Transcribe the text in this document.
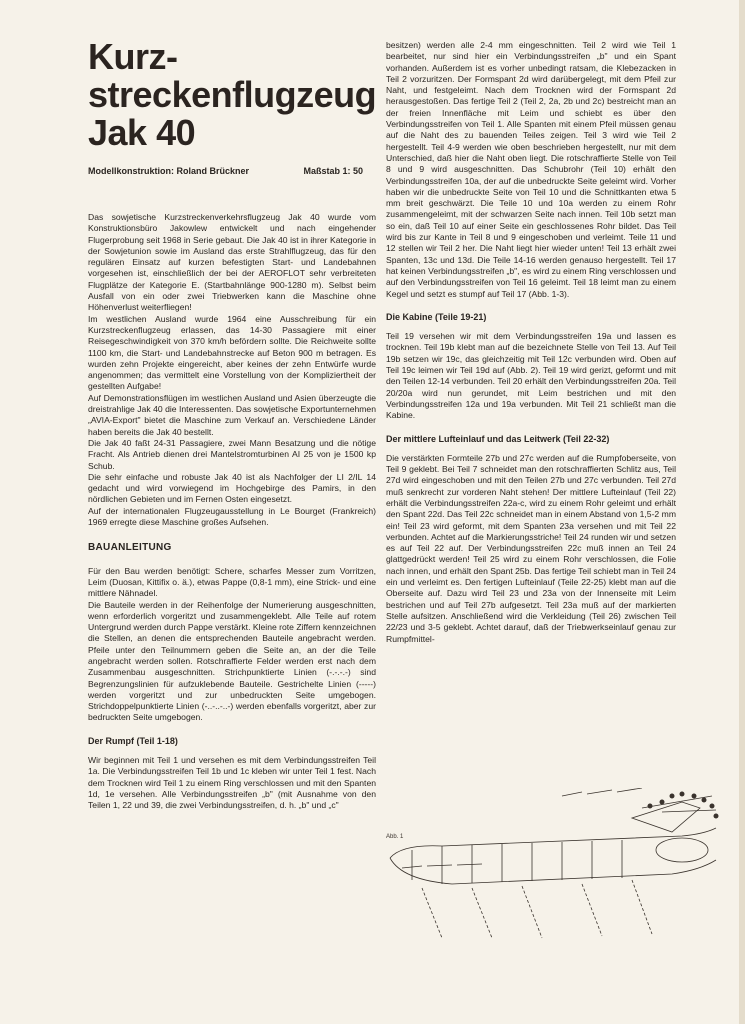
Kurz-
streckenflugzeug
Jak 40
Modellkonstruktion: Roland Brückner	Maßstab 1: 50

Das sowjetische Kurzstreckenverkehrsflugzeug Jak 40 wurde vom Konstruktionsbüro Jakowlew entwickelt und nach eingehender Flugerprobung seit 1968 in Serie gebaut. Die Jak 40 ist in ihrer Kategorie in der Sowjetunion sowie im Ausland das erste Strahlflugzeug, das für den regulären Einsatz auf kurzen befestigten Start- und Landebahnen vorgesehen ist, einschließlich der bei der AEROFLOT sehr verbreiteten Flugplätze der Kategorie E. (Startbahnlänge 900-1280 m). Selbst beim Ausfall von ein oder zwei Triebwerken kann die Maschine ohne Höhenverlust weiterfliegen!

Im westlichen Ausland wurde 1964 eine Ausschreibung für ein Kurzstreckenflugzeug erlassen, das 14-30 Passagiere mit einer Reisegeschwindigkeit von 370 km/h befördern sollte. Die Reichweite sollte 1100 km, die Start- und Landebahnstrecke auf Beton 900 m betragen. Es wurden zehn Projekte eingereicht, aber keines der zehn Entwürfe wurde angenommen; das vermittelt eine Vorstellung von der Kompliziertheit der gestellten Aufgabe!

Auf Demonstrationsflügen im westlichen Ausland und Asien überzeugte die dreistrahlige Jak 40 die Interessenten. Das sowjetische Exportunternehmen „AVIA-Export" bietet die Maschine zum Verkauf an. Verschiedene Länder haben bereits die Jak 40 bestellt.

Die Jak 40 faßt 24-31 Passagiere, zwei Mann Besatzung und die nötige Fracht. Als Antrieb dienen drei Mantelstromturbinen AI 25 von je 1500 kp Schub.

Die sehr einfache und robuste Jak 40 ist als Nachfolger der LI 2/IL 14 gedacht und wird vorwiegend im Hochgebirge des Pamirs, in den nördlichen Gebieten und im Fernen Osten eingesetzt.

Auf der internationalen Flugzeugausstellung in Le Bourget (Frankreich) 1969 erregte diese Maschine großes Aufsehen.

BAUANLEITUNG

Für den Bau werden benötigt: Schere, scharfes Messer zum Vorritzen, Leim (Duosan, Kittifix o. ä.), etwas Pappe (0,8-1 mm), eine Strick- und eine mittlere Nähnadel.

Die Bauteile werden in der Reihenfolge der Numerierung ausgeschnitten, wenn erforderlich vorgeritzt und zusammengeklebt. Alle Teile auf rotem Untergrund werden durch Pappe verstärkt. Kleine rote Ziffern kennzeichnen die Stellen, an denen die entsprechenden Bauteile angebracht werden. Pfeile unter den Teilnummern geben die Seite an, an der die Teile angebracht werden sollen. Rotschraffierte Felder werden erst nach dem Zusammenbau ausgeschnitten. Strichpunktierte Linien (-.-.-.-) sind Begrenzungslinien für aufzuklebende Bauteile. Gestrichelte Linien (-----) werden vorgeritzt und zur unbedruckten Seite umgebogen. Strichdoppelpunktierte Linien (-..-..-..-) werden ebenfalls vorgeritzt, aber zur bedruckten Seite umgebogen.

Der Rumpf (Teil 1-18)

Wir beginnen mit Teil 1 und versehen es mit dem Verbindungsstreifen Teil 1a. Die Verbindungsstreifen Teil 1b und 1c kleben wir unter Teil 1 fest. Nach dem Trocknen wird Teil 1 zu einem Ring verschlossen und mit den Spanten 1d, 1e versehen. Alle Verbindungsstreifen „b" (mit Ausnahme von den Teilen 1, 22 und 39, die zwei Verbindungsstreifen, d. h. „b" und „c"

besitzen) werden alle 2-4 mm eingeschnitten. Teil 2 wird wie Teil 1 bearbeitet, nur sind hier ein Verbindungsstreifen „b" und ein Spant vorhanden. Außerdem ist es vorher unbedingt ratsam, die Klebezacken in Teil 2 vorzuritzen. Der Formspant 2d wird darübergelegt, mit dem Pfeil zur Naht, und festgeleimt. Nach dem Trocknen wird der Formspant 2d herausgestoßen. Das fertige Teil 2 (Teil 2, 2a, 2b und 2c) bestreicht man an der freien Innenfläche mit Leim und schiebt es über den Verbindungsstreifen von Teil 1. Alle Spanten mit einem Pfeil müssen genau auf die Naht des zu bauenden Teiles zeigen. Teil 3 wird wie Teil 2 hergestellt. Teil 4-9 werden wie oben beschrieben hergestellt, nur mit dem Unterschied, daß hier die Naht oben liegt. Die rotschraffierte Stelle von Teil 8 und 9 wird ausgeschnitten. Das Schubrohr (Teil 10) erhält den Verbindungsstreifen 10a, der auf die unbedruckte Seite geleimt wird. Vorher haben wir die unbedruckte Seite von Teil 10 und die Schnittkanten etwa 5 mm breit geschwärzt. Die Teile 10 und 10a werden zu einem Rohr zusammengeleimt, mit der schwarzen Seite nach innen. Teil 10b setzt man so ein, daß Teil 10 auf einer Seite ein geschlossenes Rohr bildet. Das Teil wird bis zur Kante in Teil 8 und 9 eingeschoben und verleimt. Teile 11 und 12 stellen wir Teil 2 her. Die Naht liegt hier wieder unten! Teil 13 erhält zwei Spanten, 13c und 13d. Die Teile 14-16 werden genauso hergestellt. Teil 17 hat keinen Verbindungsstreifen „b", es wird zu einem Ring verschlossen und auf den Verbindungsstreifen von Teil 16 geleimt. Teil 18 leimt man zu einem Kegel und setzt es stumpf auf Teil 17 (Abb. 1-3).

Die Kabine (Teile 19-21)

Teil 19 versehen wir mit dem Verbindungsstreifen 19a und lassen es trocknen. Teil 19b klebt man auf die bezeichnete Stelle von Teil 13. Auf Teil 19b setzen wir 19c, das gleichzeitig mit Teil 12c verbunden wird. Oben auf Teil 19c leimen wir Teil 19d auf (Abb. 2). Teil 19 wird gerizt, geformt und mit den Teilen 12-14 verbunden. Teil 20 erhält den Verbindungsstreifen 20a. Teil 20/20a wird nun gerundet, mit Leim bestrichen und mit den Verbindungsstreifen 12a und 19a verbunden. Mit Teil 21 schließt man die Kabine.

Der mittlere Lufteinlauf und das Leitwerk (Teil 22-32)

Die verstärkten Formteile 27b und 27c werden auf die Rumpfoberseite, von Teil 9 geklebt. Bei Teil 7 schneidet man den rotschraffierten Schlitz aus, Teil 27d wird eingeschoben und mit den Teilen 27b und 27c verbunden. Teil 27d muß senkrecht zur vorderen Naht stehen! Der mittlere Lufteinlauf (Teil 22) erhält die Verbindungsstreifen 22a-c, wird zu einem Rohr geleimt und erhält den Spant 22d. Das Teil 22c schneidet man in einem Abstand von 1,5-2 mm ein! Teil 23 wird geformt, mit dem Spanten 23a versehen und mit Teil 22 verbunden. Achtet auf die Markierungsstriche! Teil 24 runden wir und setzen es auf Teil 22 auf. Der Verbindungsstreifen 22c muß innen an Teil 24 glattgedrückt werden! Teil 25 wird zu einem Rohr verschlossen, die Folie nach innen, und erhält den Spant 25b. Das fertige Teil schiebt man in Teil 24 ein und verleimt es. Den fertigen Lufteinlauf (Teile 22-25) klebt man auf die Oberseite auf. Dazu wird Teil 23 und 23a von der Innenseite mit Leim bestrichen und auf Teil 27b aufgesetzt. Teil 23a muß auf der markierten Stelle aufsitzen. Anschließend wird die Verkleidung (Teil 26) zwischen Teil 22/23 und 3-5 geklebt. Achtet darauf, daß der Triebwerkseinlauf genau zur Rumpfmittel-

Abb. 1
